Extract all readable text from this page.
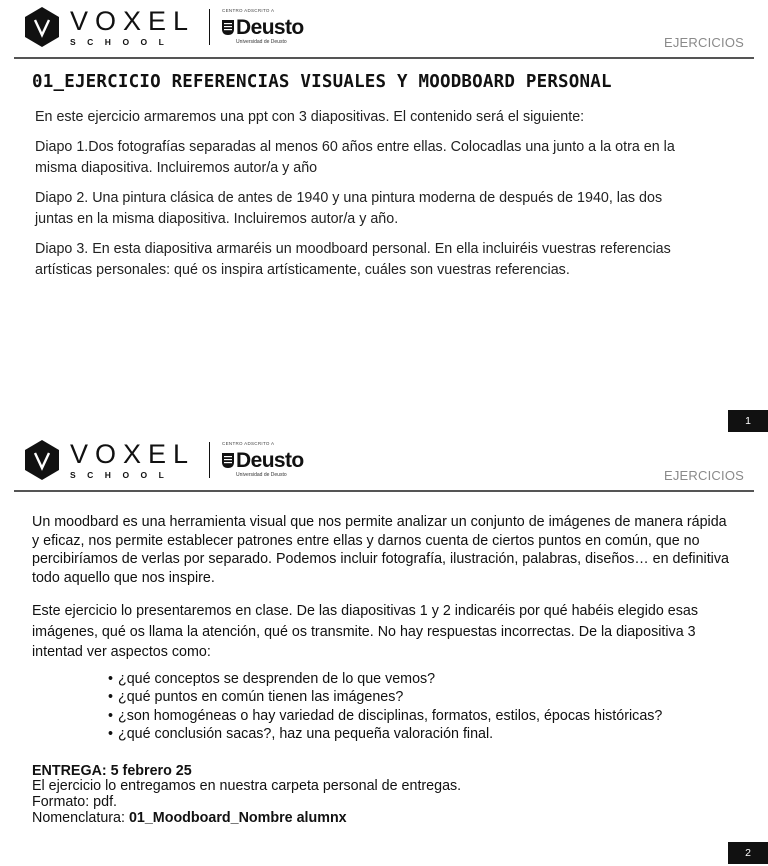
VOXEL
SCHOOL
CENTRO ADSCRITO A
Deusto
Universidad de Deusto	EJERCICIOS
01_EJERCICIO REFERENCIAS VISUALES Y MOODBOARD PERSONAL

En este ejercicio armaremos una ppt con 3 diapositivas. El contenido será el siguiente:

Diapo 1.Dos fotografías separadas al menos 60 años entre ellas. Colocadlas una junto a la otra en la misma diapositiva. Incluiremos autor/a y año

Diapo 2. Una pintura clásica de antes de 1940 y una pintura moderna de después de 1940, las dos juntas en la misma diapositiva. Incluiremos autor/a y año.

Diapo 3. En esta diapositiva armaréis un moodboard personal. En ella incluiréis vuestras referencias artísticas personales: qué os inspira artísticamente, cuáles son vuestras referencias.

1
VOXEL
SCHOOL
CENTRO ADSCRITO A
Deusto
Universidad de Deusto	EJERCICIOS

Un moodbard es una herramienta visual que nos permite analizar un conjunto de imágenes de manera rápida y eficaz, nos permite establecer patrones entre ellas y darnos cuenta de ciertos puntos en común, que no percibiríamos de verlas por separado. Podemos incluir fotografía, ilustración, palabras, diseños… en definitiva todo aquello que nos inspire.

Este ejercicio lo presentaremos en clase. De las diapositivas 1 y 2 indicaréis por qué habéis elegido esas imágenes, qué os llama la atención, qué os transmite. No hay respuestas incorrectas. De la diapositiva 3 intentad ver aspectos como:

• ¿qué conceptos se desprenden de lo que vemos?
• ¿qué puntos en común tienen las imágenes?
• ¿son homogéneas o hay variedad de disciplinas, formatos, estilos, épocas históricas?
• ¿qué conclusión sacas?, haz una pequeña valoración final.
ENTREGA: 5 febrero 25
El ejercicio lo entregamos en nuestra carpeta personal de entregas.
Formato: pdf.
Nomenclatura: 01_Moodboard_Nombre alumnx
2
